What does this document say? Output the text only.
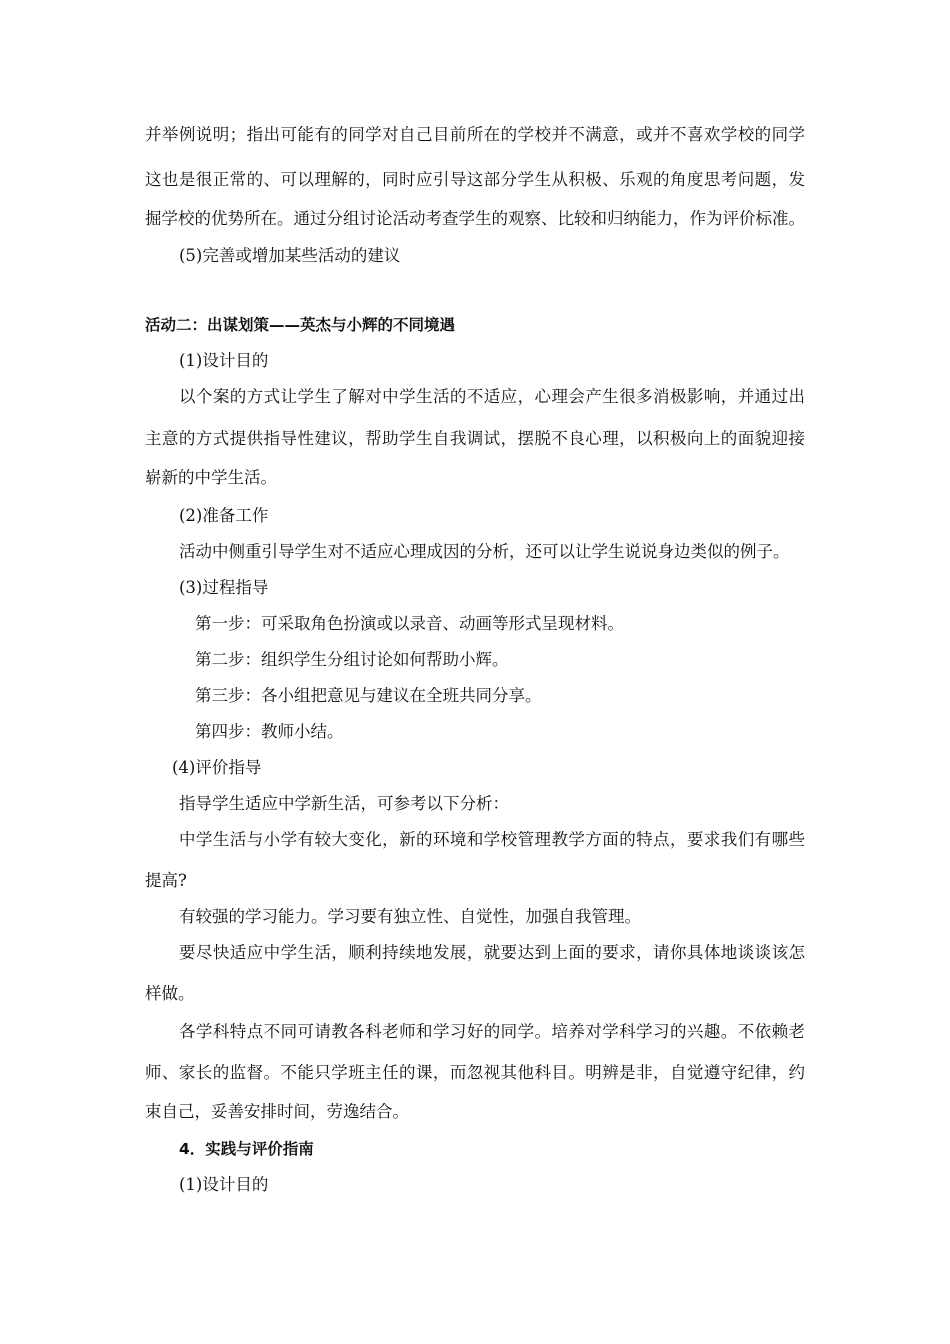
并举例说明；指出可能有的同学对自己目前所在的学校并不满意，或并不喜欢学校的同学
这也是很正常的、可以理解的，同时应引导这部分学生从积极、乐观的角度思考问题，发
掘学校的优势所在。通过分组讨论活动考查学生的观察、比较和归纳能力，作为评价标准。
(5)完善或增加某些活动的建议
活动二：出谋划策——英杰与小辉的不同境遇
(1)设计目的
以个案的方式让学生了解对中学生活的不适应，心理会产生很多消极影响，并通过出
主意的方式提供指导性建议，帮助学生自我调试，摆脱不良心理，以积极向上的面貌迎接
崭新的中学生活。
(2)准备工作
活动中侧重引导学生对不适应心理成因的分析，还可以让学生说说身边类似的例子。
(3)过程指导
第一步：可采取角色扮演或以录音、动画等形式呈现材料。
第二步：组织学生分组讨论如何帮助小辉。
第三步：各小组把意见与建议在全班共同分享。
第四步：教师小结。
(4)评价指导
指导学生适应中学新生活，可参考以下分析：
中学生活与小学有较大变化，新的环境和学校管理教学方面的特点，要求我们有哪些
提高?
有较强的学习能力。学习要有独立性、自觉性，加强自我管理。
要尽快适应中学生活，顺利持续地发展，就要达到上面的要求，请你具体地谈谈该怎
样做。
各学科特点不同可请教各科老师和学习好的同学。培养对学科学习的兴趣。不依赖老
师、家长的监督。不能只学班主任的课，而忽视其他科目。明辨是非，自觉遵守纪律，约
束自己，妥善安排时间，劳逸结合。
4．实践与评价指南
(1)设计目的
